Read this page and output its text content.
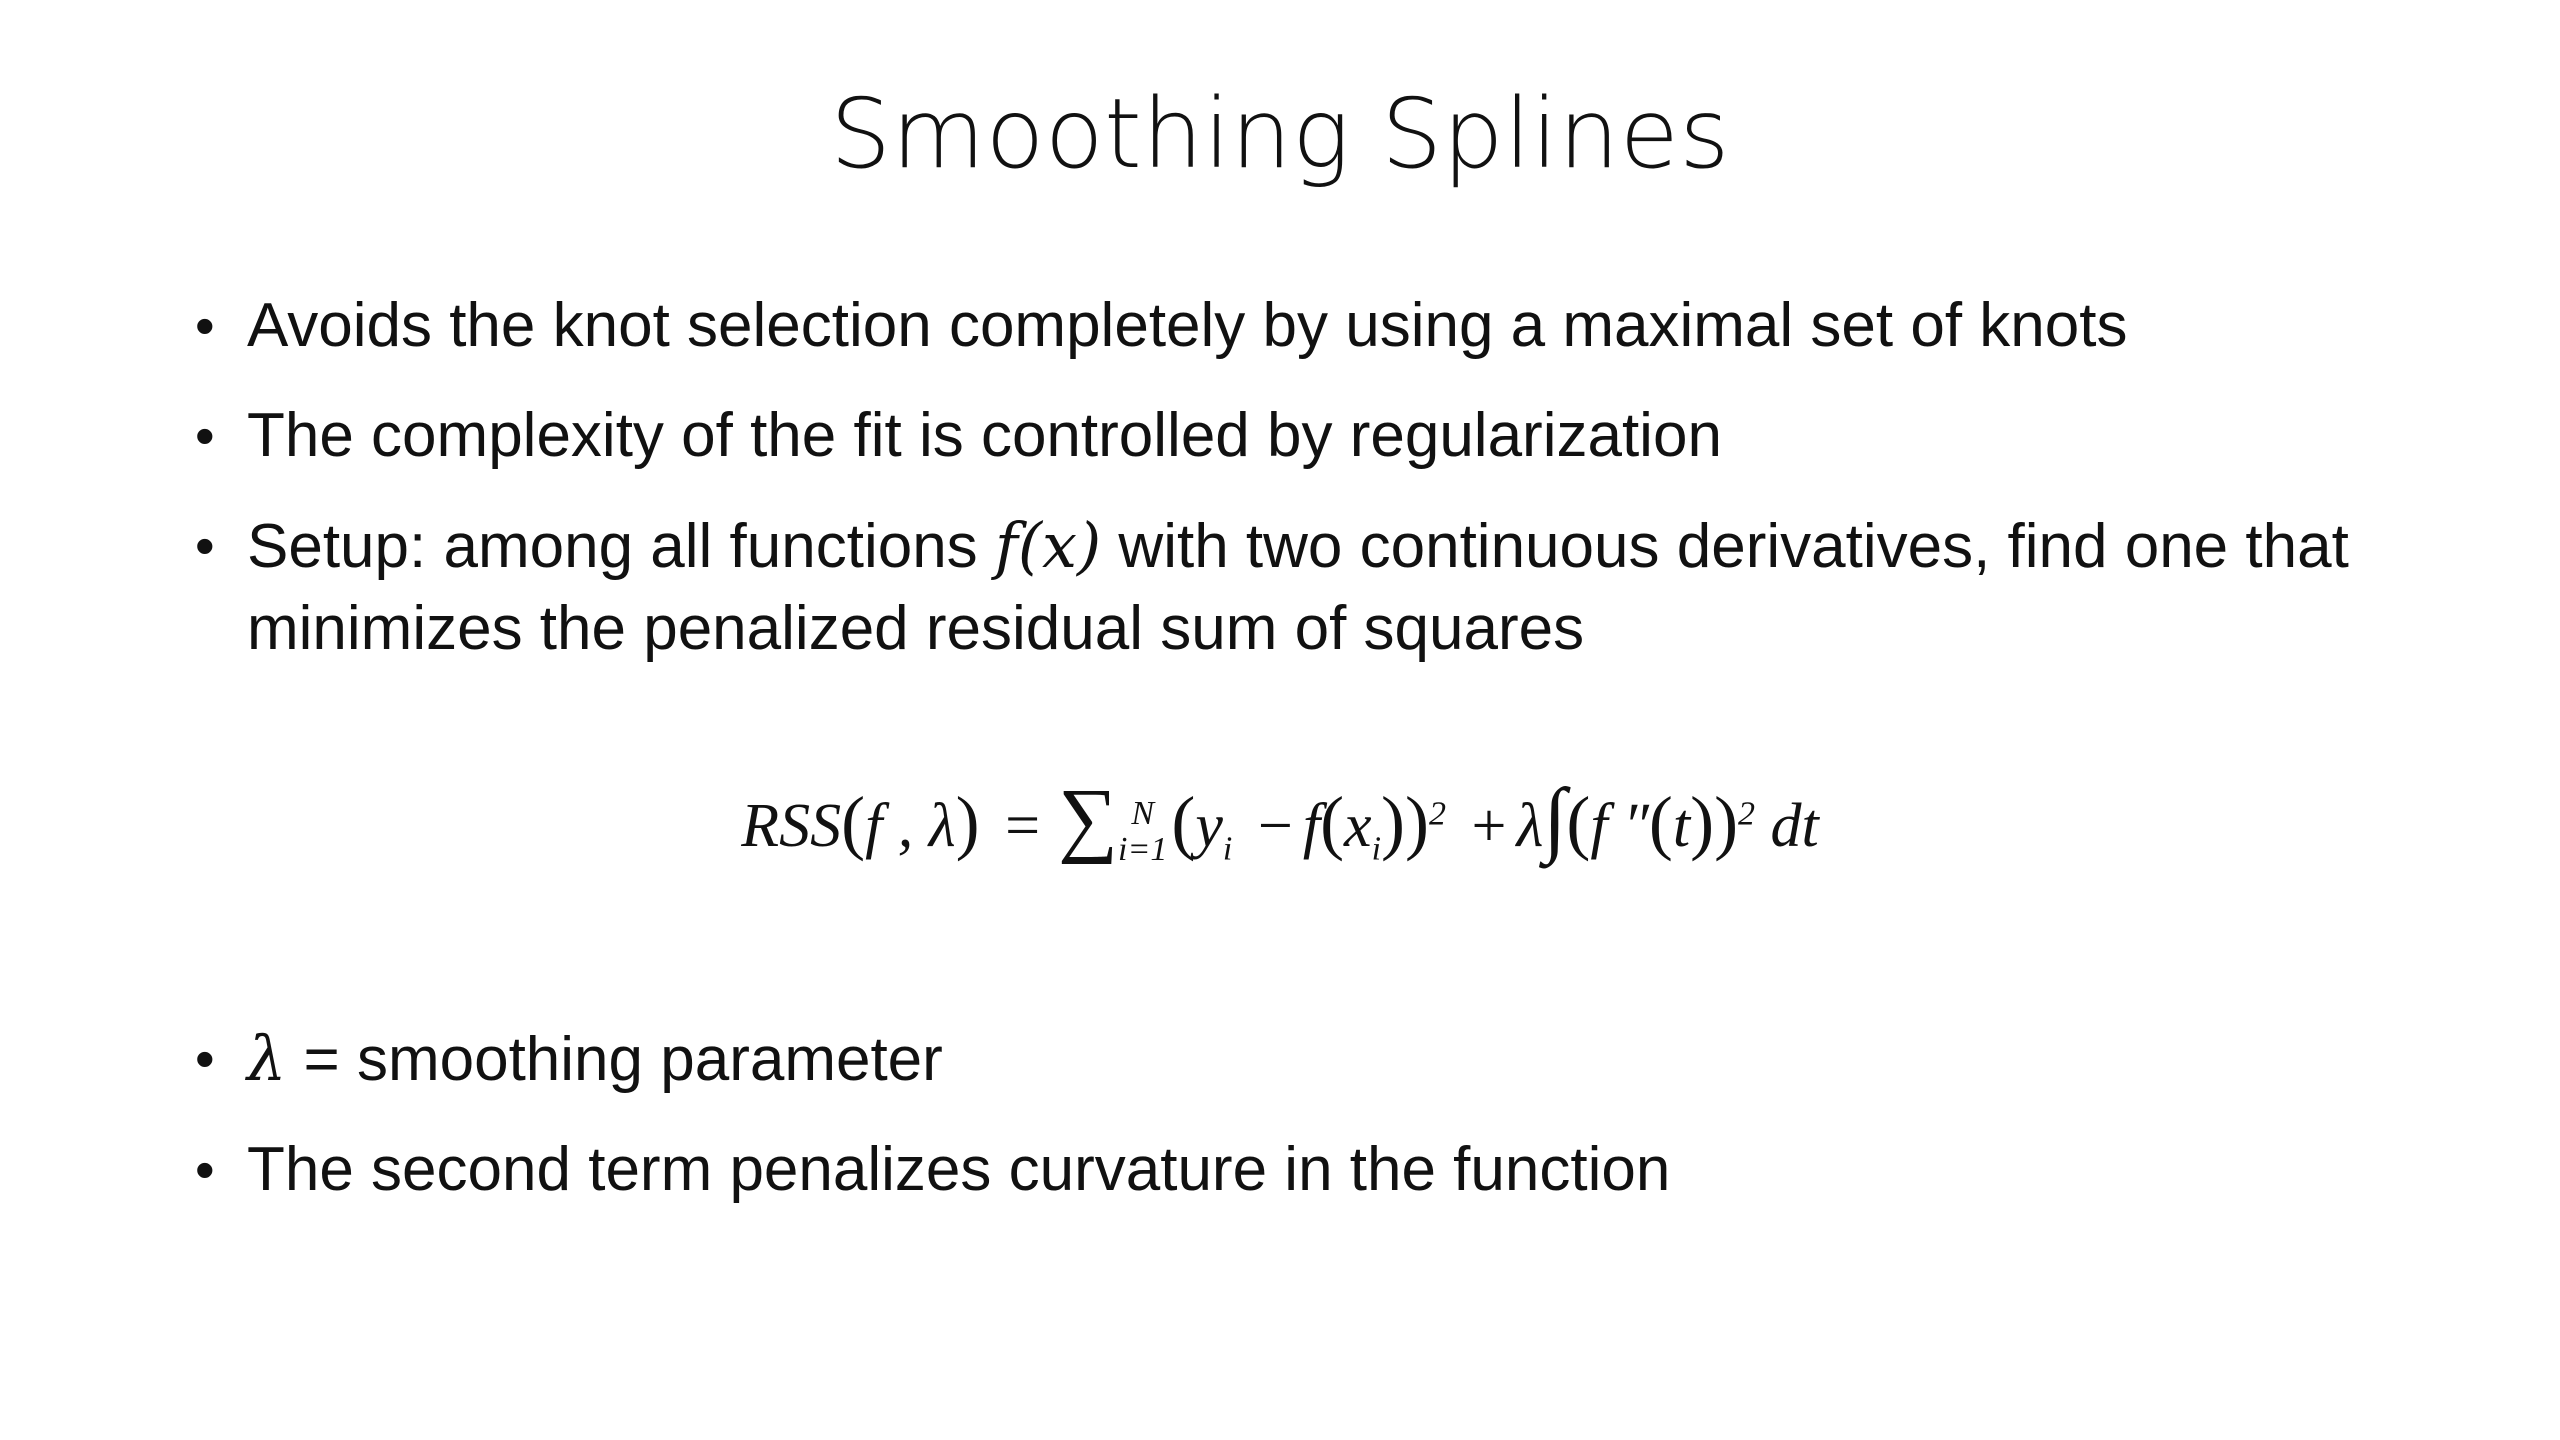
Smoothing Splines
• Avoids the knot selection completely by using a maximal set of knots
• The complexity of the fit is controlled by regularization
• Setup: among all functions f(x) with two continuous derivatives, find one that minimizes the penalized residual sum of squares
RSS(f , λ) = ∑ N
i=1 $(y_i - f(x_i))^2 + \lambda\int(f$ ″(t))$^2$ dt
• λ = smoothing parameter
• The second term penalizes curvature in the function
